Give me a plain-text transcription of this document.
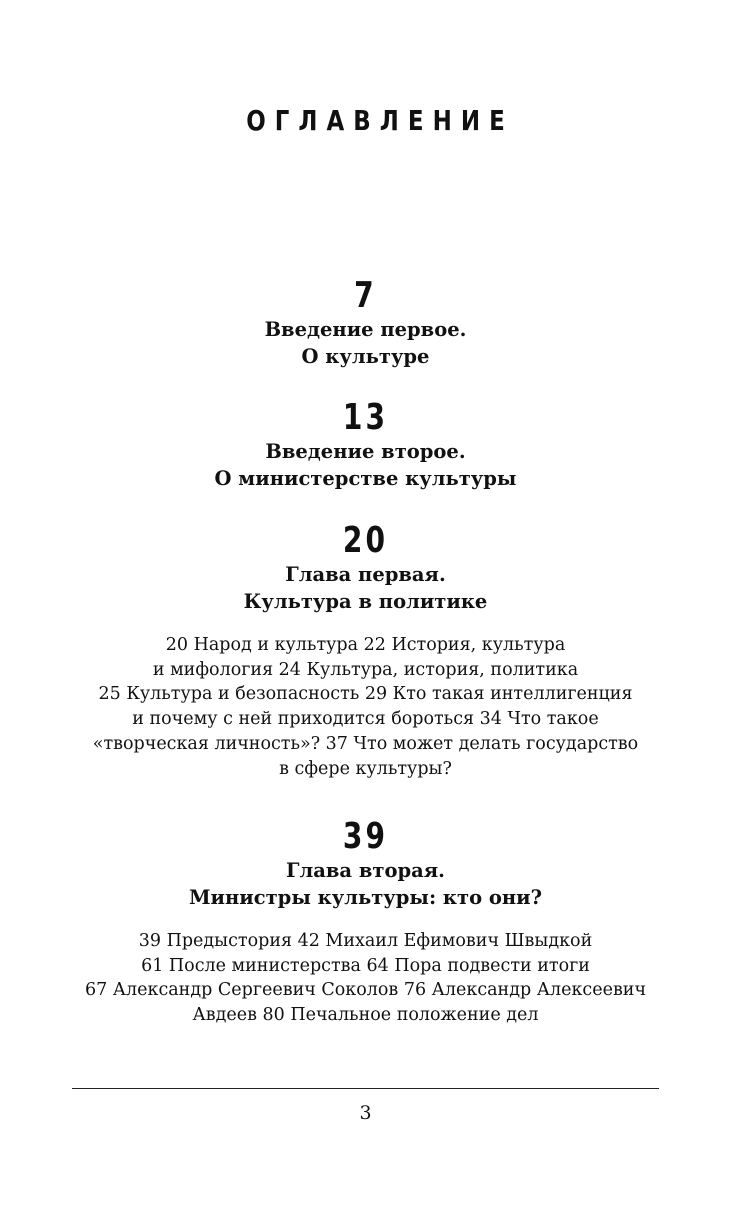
ОГЛАВЛЕНИЕ
7
Введение первое.
О культуре
13
Введение второе.
О министерстве культуры
20
Глава первая.
Культура в политике
20 Народ и культура 22 История, культура
и мифология 24 Культура, история, политика
25 Культура и безопасность 29 Кто такая интеллигенция
и почему с ней приходится бороться 34 Что такое
«творческая личность»? 37 Что может делать государство
в сфере культуры?
39
Глава вторая.
Министры культуры: кто они?
39 Предыстория 42 Михаил Ефимович Швыдкой
61 После министерства 64 Пора подвести итоги
67 Александр Сергеевич Соколов 76 Александр Алексеевич
Авдеев 80 Печальное положение дел
3
